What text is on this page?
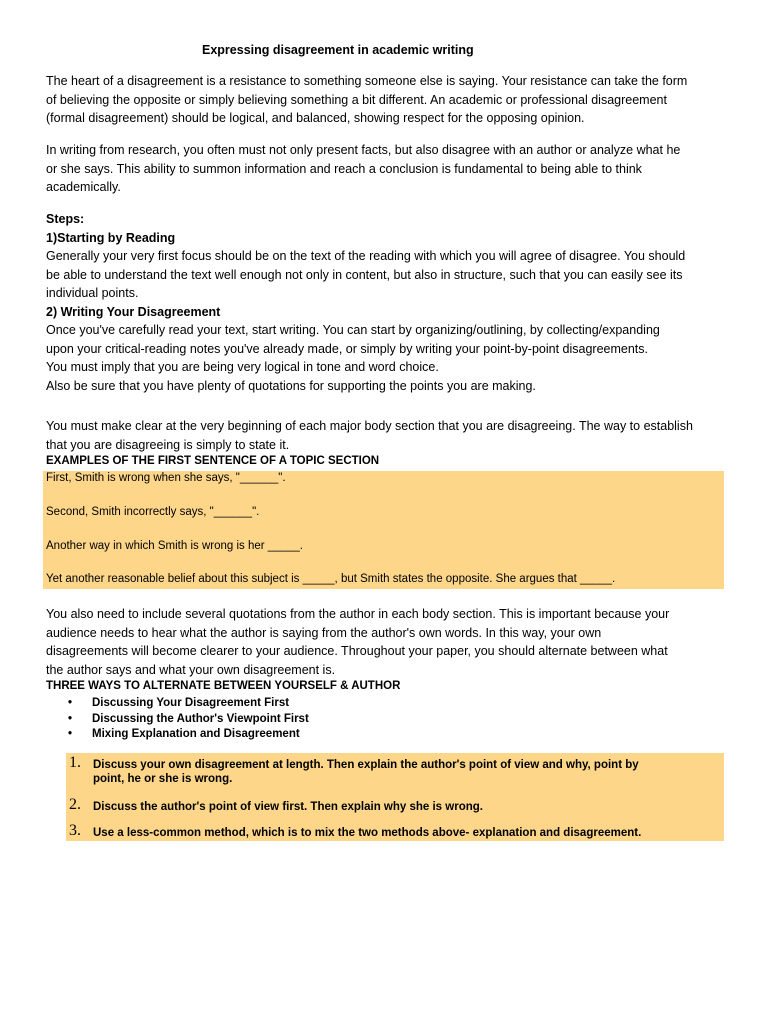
Expressing disagreement in academic writing

The heart of a disagreement is a resistance to something someone else is saying. Your resistance can take the form
of believing the opposite or simply believing something a bit different. An academic or professional disagreement
(formal disagreement) should be logical, and balanced, showing respect for the opposing opinion.

In writing from research, you often must not only present facts, but also disagree with an author or analyze what he
or she says. This ability to summon information and reach a conclusion is fundamental to being able to think
academically.

Steps:
1)Starting by Reading
Generally your very first focus should be on the text of the reading with which you will agree of disagree. You should
be able to understand the text well enough not only in content, but also in structure, such that you can easily see its
individual points.
2) Writing Your Disagreement
Once you've carefully read your text, start writing. You can start by organizing/outlining, by collecting/expanding
upon your critical-reading notes you've already made, or simply by writing your point-by-point disagreements.
You must imply that you are being very logical in tone and word choice.
Also be sure that you have plenty of quotations for supporting the points you are making.

You must make clear at the very beginning of each major body section that you are disagreeing. The way to establish
that you are disagreeing is simply to state it.

EXAMPLES OF THE FIRST SENTENCE OF A TOPIC SECTION
First, Smith is wrong when she says, "______".
Second, Smith incorrectly says, "______".
Another way in which Smith is wrong is her _____.
Yet another reasonable belief about this subject is _____, but Smith states the opposite. She argues that _____.

You also need to include several quotations from the author in each body section. This is important because your
audience needs to hear what the author is saying from the author's own words. In this way, your own
disagreements will become clearer to your audience. Throughout your paper, you should alternate between what
the author says and what your own disagreement is.

THREE WAYS TO ALTERNATE BETWEEN YOURSELF & AUTHOR
• Discussing Your Disagreement First
• Discussing the Author's Viewpoint First
• Mixing Explanation and Disagreement
1. Discuss your own disagreement at length. Then explain the author's point of view and why, point by
point, he or she is wrong.
2. Discuss the author's point of view first. Then explain why she is wrong.
3. Use a less-common method, which is to mix the two methods above- explanation and disagreement.
